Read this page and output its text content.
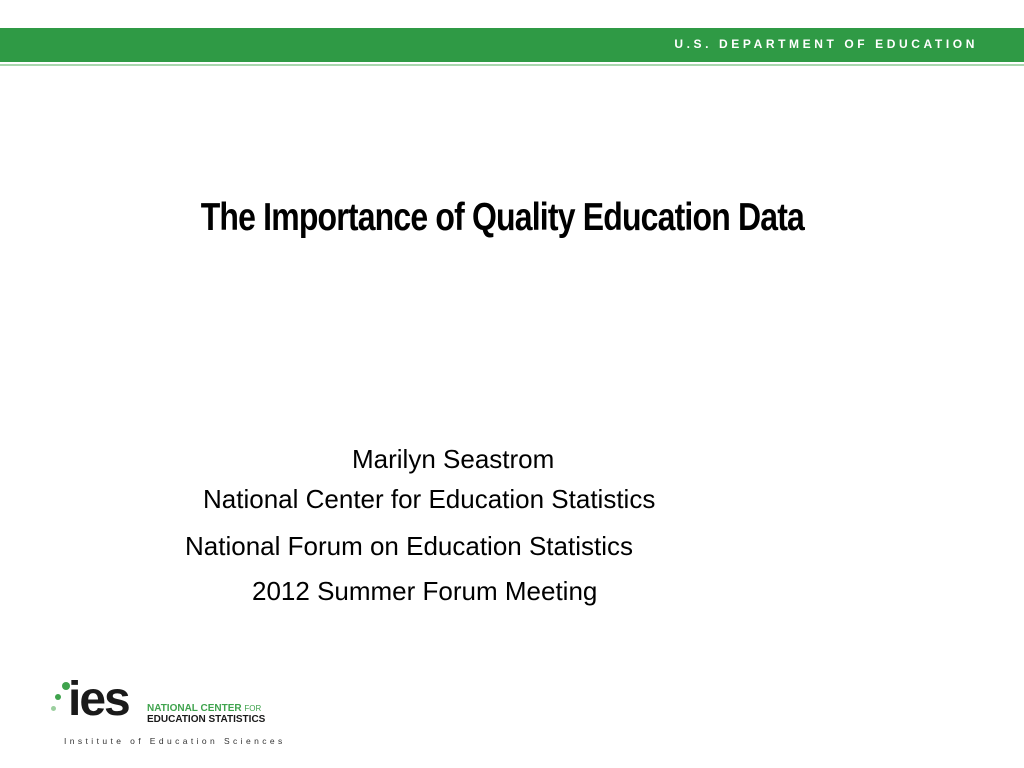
U.S. DEPARTMENT OF EDUCATION
The Importance of Quality Education Data
Marilyn Seastrom
National Center for Education Statistics
National Forum on Education Statistics
2012 Summer Forum Meeting
ies NATIONAL CENTER FOR
EDUCATION STATISTICS
Institute of Education Sciences
